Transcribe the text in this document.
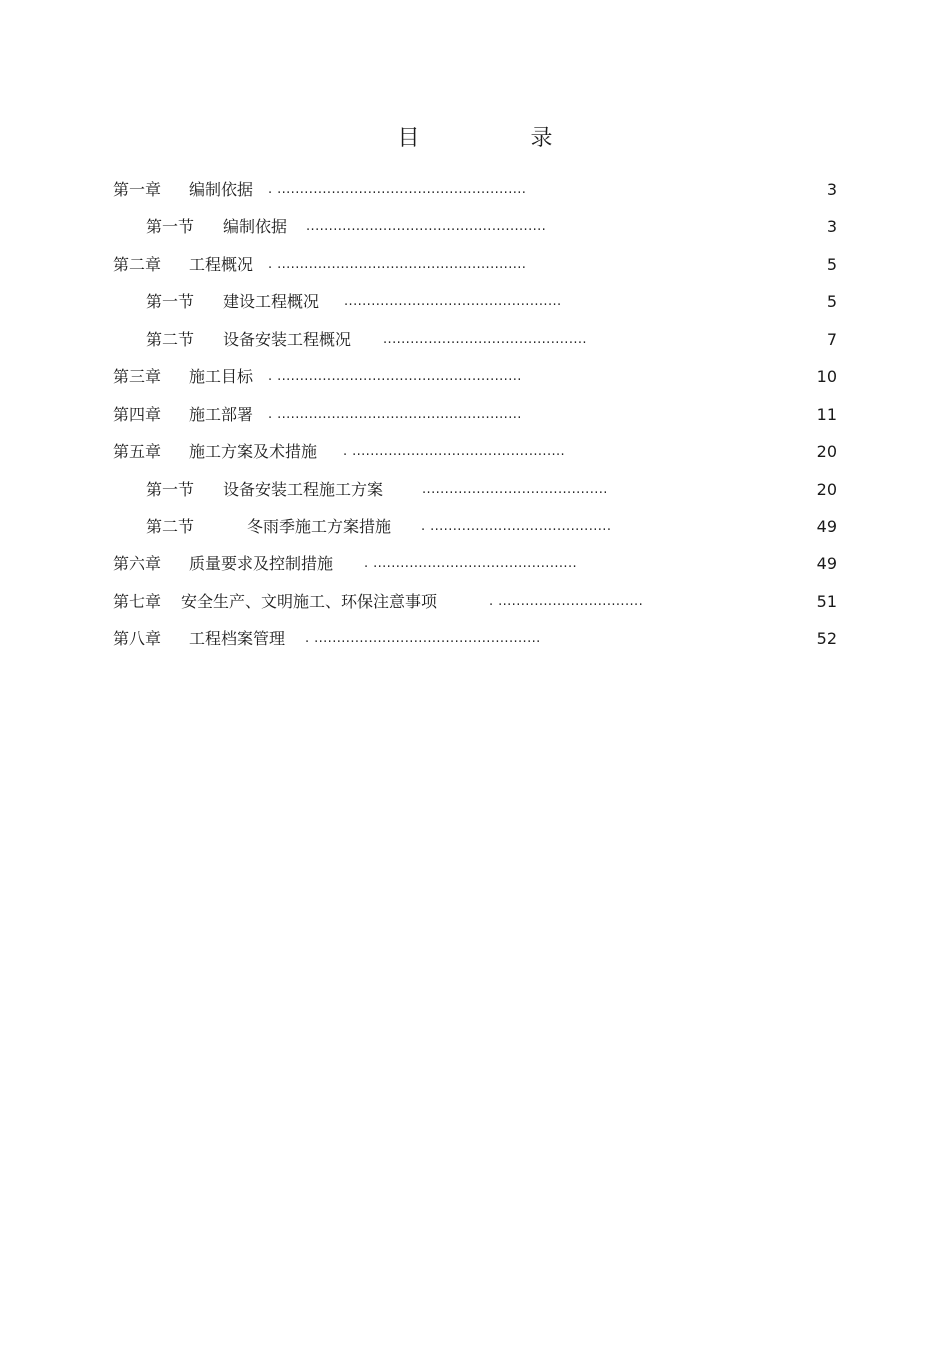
目 录
第一章 编制依据 . .......................................................	3
第一节 编制依据 .....................................................	3
第二章 工程概况 . .......................................................	5
第一节 建设工程概况 ................................................	5
第二节 设备安装工程概况 .............................................	7
第三章 施工目标 . ......................................................	10
第四章 施工部署 . ......................................................	11
第五章 施工方案及术措施 . ...............................................	20
第一节 设备安装工程施工方案	.........................................	20
第二节	冬雨季施工方案措施 . ........................................	49
第六章 质量要求及控制措施 . .............................................	49
第七章 安全生产、文明施工、环保注意事项	. ................................	51
第八章 工程档案管理 . ..................................................	52
